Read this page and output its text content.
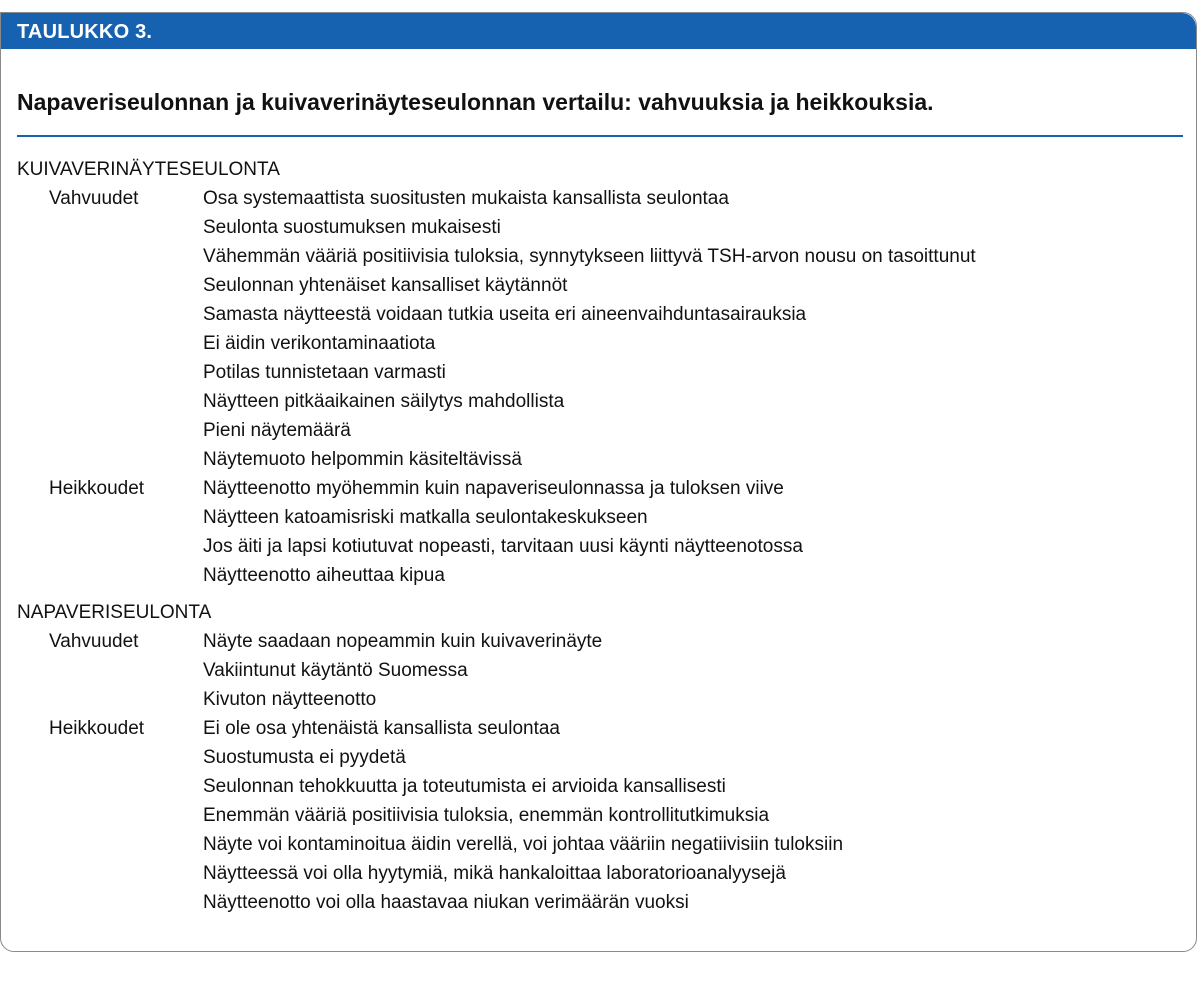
TAULUKKO 3.
Napaveriseulonnan ja kuivaverinäyteseulonnan vertailu: vahvuuksia ja heikkouksia.
KUIVAVERINÄYTESEULONTA
Vahvuudet	Osa systemaattista suositusten mukaista kansallista seulontaa
Seulonta suostumuksen mukaisesti
Vähemmän vääriä positiivisia tuloksia, synnytykseen liittyvä TSH-arvon nousu on tasoittunut
Seulonnan yhtenäiset kansalliset käytännöt
Samasta näytteestä voidaan tutkia useita eri aineenvaihduntasairauksia
Ei äidin verikontaminaatiota
Potilas tunnistetaan varmasti
Näytteen pitkäaikainen säilytys mahdollista
Pieni näytemäärä
Näytemuoto helpommin käsiteltävissä
Heikkoudet	Näytteenotto myöhemmin kuin napaveriseulonnassa ja tuloksen viive
Näytteen katoamisriski matkalla seulontakeskukseen
Jos äiti ja lapsi kotiutuvat nopeasti, tarvitaan uusi käynti näytteenotossa
Näytteenotto aiheuttaa kipua
NAPAVERISEULONTA
Vahvuudet	Näyte saadaan nopeammin kuin kuivaverinäyte
Vakiintunut käytäntö Suomessa
Kivuton näytteenotto
Heikkoudet	Ei ole osa yhtenäistä kansallista seulontaa
Suostumusta ei pyydetä
Seulonnan tehokkuutta ja toteutumista ei arvioida kansallisesti
Enemmän vääriä positiivisia tuloksia, enemmän kontrollitutkimuksia
Näyte voi kontaminoitua äidin verellä, voi johtaa vääriin negatiivisiin tuloksiin
Näytteessä voi olla hyytymiä, mikä hankaloittaa laboratorioanalyysejä
Näytteenotto voi olla haastavaa niukan verimäärän vuoksi
